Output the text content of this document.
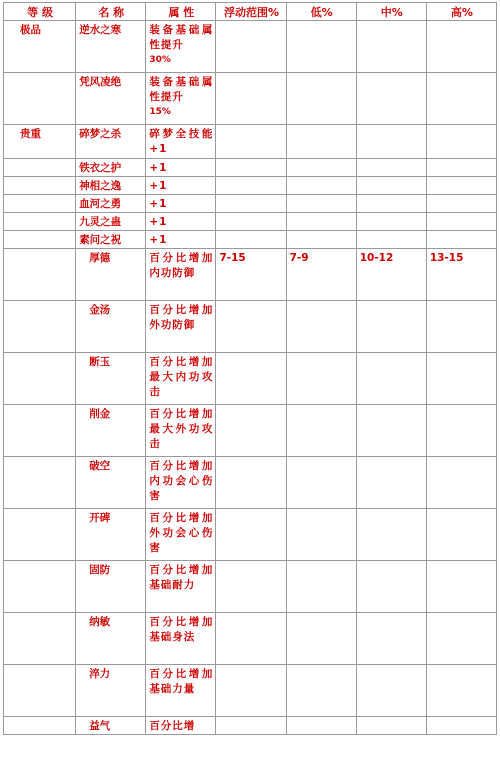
等 级	名 称	属 性	浮动范围%	低%	中%	高%
极品	逆水之寒	装备基础属性提升
30%				

	凭风凌绝	装备基础属性提升
15%				

贵重	碎梦之杀	碎梦全技能+1

	铁衣之护	+1

	神相之逸	+1

	血河之勇	+1

	九灵之蛊	+1

	素问之祝	+1

	厚德	百分比增加内功防御	7-15	7-9	10-12	13-15
	金汤	百分比增加外功防御

	断玉	百分比增加最大内功攻击

	削金	百分比增加最大外功攻击

	破空	百分比增加内功会心伤害

	开碑	百分比增加外功会心伤害

	固防	百分比增加基础耐力

	纳敏	百分比增加基础身法

	淬力	百分比增加基础力量

	益气	百分比增
